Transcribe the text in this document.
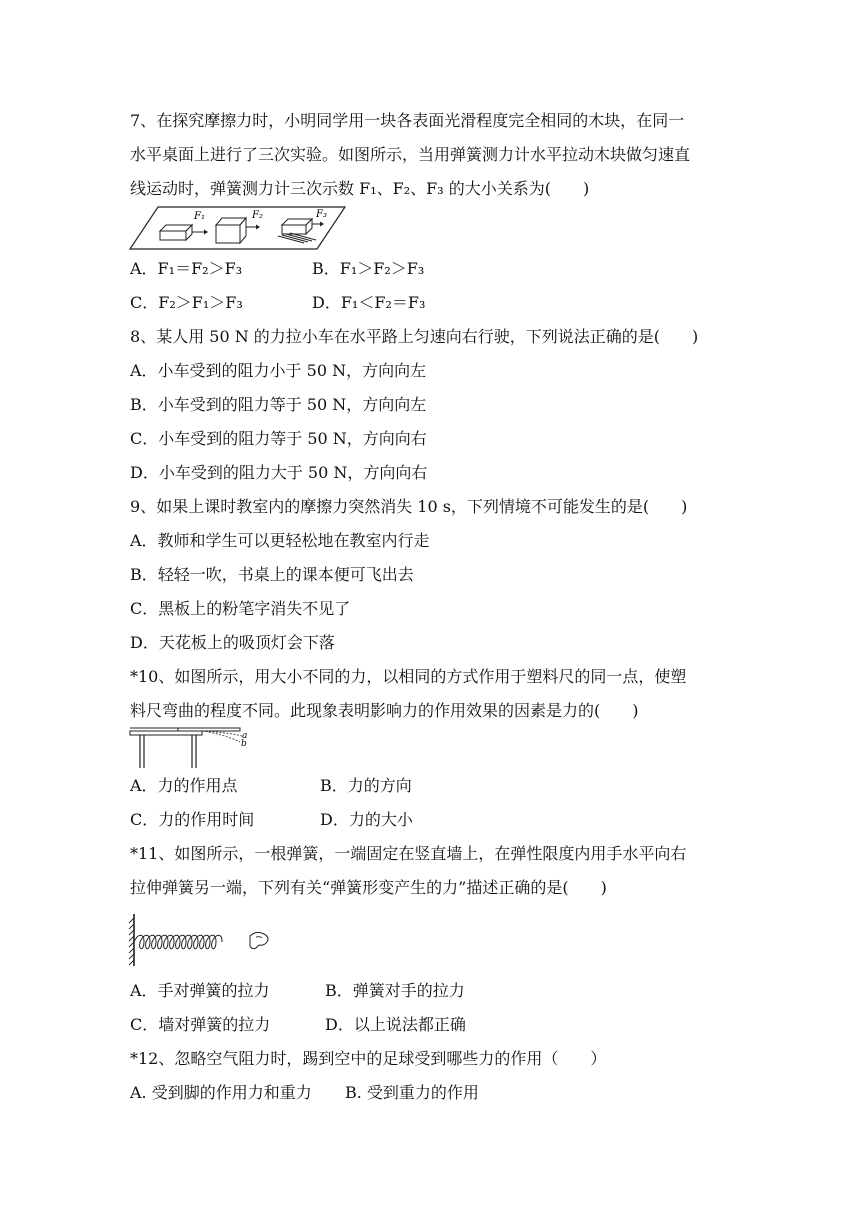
7、在探究摩擦力时，小明同学用一块各表面光滑程度完全相同的木块，在同一
水平桌面上进行了三次实验。如图所示，当用弹簧测力计水平拉动木块做匀速直
线运动时，弹簧测力计三次示数 F₁、F₂、F₃ 的大小关系为(　　)
F₁	F₂	F₃
A．F₁＝F₂＞F₃	B．F₁＞F₂＞F₃
C．F₂＞F₁＞F₃	D．F₁＜F₂＝F₃
8、某人用 50 N 的力拉小车在水平路上匀速向右行驶，下列说法正确的是(　　)
A．小车受到的阻力小于 50 N，方向向左
B．小车受到的阻力等于 50 N，方向向左
C．小车受到的阻力等于 50 N，方向向右
D．小车受到的阻力大于 50 N，方向向右
9、如果上课时教室内的摩擦力突然消失 10 s，下列情境不可能发生的是(　　)
A．教师和学生可以更轻松地在教室内行走
B．轻轻一吹，书桌上的课本便可飞出去
C．黑板上的粉笔字消失不见了
D．天花板上的吸顶灯会下落
*10、如图所示，用大小不同的力，以相同的方式作用于塑料尺的同一点，使塑
料尺弯曲的程度不同。此现象表明影响力的作用效果的因素是力的(　　)
a
b
A．力的作用点	B．力的方向
C．力的作用时间	D．力的大小
*11、如图所示，一根弹簧，一端固定在竖直墙上，在弹性限度内用手水平向右
拉伸弹簧另一端，下列有关“弹簧形变产生的力”描述正确的是(　　)
A．手对弹簧的拉力	B．弹簧对手的拉力
C．墙对弹簧的拉力	D．以上说法都正确
*12、忽略空气阻力时，踢到空中的足球受到哪些力的作用（　　）
A. 受到脚的作用力和重力 B. 受到重力的作用
